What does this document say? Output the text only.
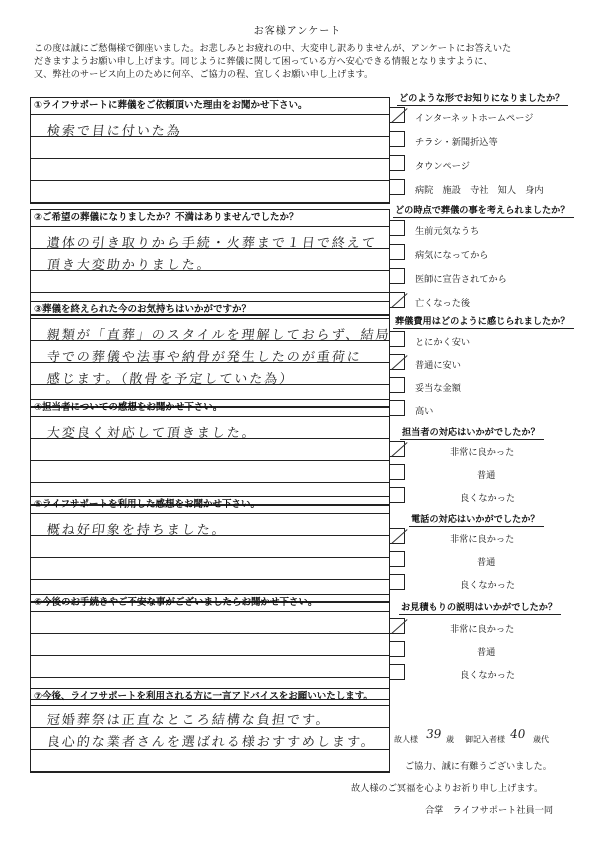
お客様アンケート
この度は誠にご愁傷様で御座いました。お悲しみとお疲れの中、大変申し訳ありませんが、アンケートにお答えいた
だきますようお願い申し上げます。同じように葬儀に関して困っている方へ安心できる情報となりますように、
又、弊社のサービス向上のために何卒、ご協力の程、宜しくお願い申し上げます。
①ライフサポートに葬儀をご依頼頂いた理由をお聞かせ下さい。
検索で目に付いた為
②ご希望の葬儀になりましたか？不満はありませんでしたか？
遺体の引き取りから手続・火葬まで１日で終えて
頂き大変助かりました。
③葬儀を終えられた今のお気持ちはいかがですか？
親類が「直葬」のスタイルを理解しておらず、結局
寺での葬儀や法事や納骨が発生したのが重荷に
感じます。（散骨を予定していた為）
④担当者についての感想をお聞かせ下さい。
大変良く対応して頂きました。
⑤ライフサポートを利用した感想をお聞かせ下さい。
概ね好印象を持ちました。
⑥今後のお手続きやご不安な事がございましたらお聞かせ下さい。
⑦今後、ライフサポートを利用される方に一言アドバイスをお願いいたします。
冠婚葬祭は正直なところ結構な負担です。
良心的な業者さんを選ばれる様おすすめします。
どのような形でお知りになりましたか？
インターネットホームページ
チラシ・新聞折込等
タウンページ
病院　施設　寺社　知人　身内
どの時点で葬儀の事を考えられましたか？
生前元気なうち
病気になってから
医師に宣告されてから
亡くなった後
葬儀費用はどのように感じられましたか？
とにかく安い
普通に安い
妥当な金額
高い
担当者の対応はいかがでしたか？
非常に良かった
普通
良くなかった
電話の対応はいかがでしたか？
非常に良かった
普通
良くなかった
お見積もりの説明はいかがでしたか？
非常に良かった
普通
良くなかった
故人様 39 歳 御記入者様 40 歳代
ご協力、誠に有難うございました。
故人様のご冥福を心よりお祈り申し上げます。
合掌　ライフサポート社員一同
